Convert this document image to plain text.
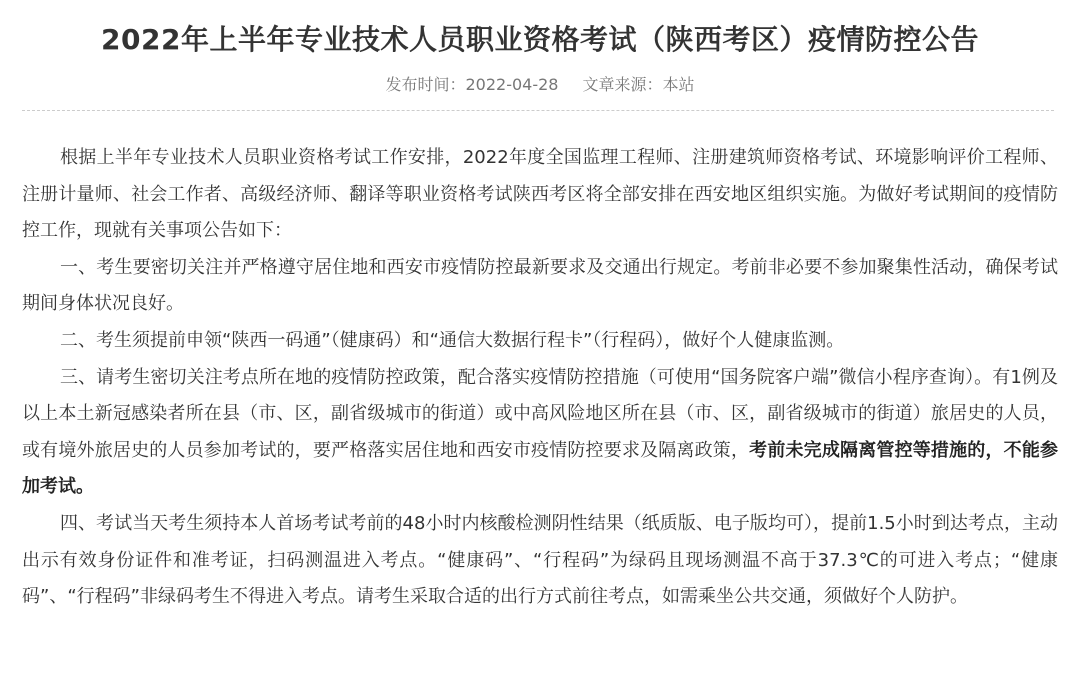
2022年上半年专业技术人员职业资格考试（陕西考区）疫情防控公告
发布时间：2022-04-28 文章来源：本站

根据上半年专业技术人员职业资格考试工作安排，2022年度全国监理工程师、注册建筑师资格考试、环境影响评价工程师、注册计量师、社会工作者、高级经济师、翻译等职业资格考试陕西考区将全部安排在西安地区组织实施。为做好考试期间的疫情防控工作，现就有关事项公告如下：

一、考生要密切关注并严格遵守居住地和西安市疫情防控最新要求及交通出行规定。考前非必要不参加聚集性活动，确保考试期间身体状况良好。

二、考生须提前申领“陕西一码通”（健康码）和“通信大数据行程卡”（行程码），做好个人健康监测。

三、请考生密切关注考点所在地的疫情防控政策，配合落实疫情防控措施（可使用“国务院客户端”微信小程序查询）。有1例及以上本土新冠感染者所在县（市、区，副省级城市的街道）或中高风险地区所在县（市、区，副省级城市的街道）旅居史的人员，或有境外旅居史的人员参加考试的，要严格落实居住地和西安市疫情防控要求及隔离政策，考前未完成隔离管控等措施的，不能参加考试。

四、考试当天考生须持本人首场考试考前的48小时内核酸检测阴性结果（纸质版、电子版均可），提前1.5小时到达考点，主动出示有效身份证件和准考证，扫码测温进入考点。“健康码”、“行程码”为绿码且现场测温不高于37.3℃的可进入考点；“健康码”、“行程码”非绿码考生不得进入考点。请考生采取合适的出行方式前往考点，如需乘坐公共交通，须做好个人防护。
